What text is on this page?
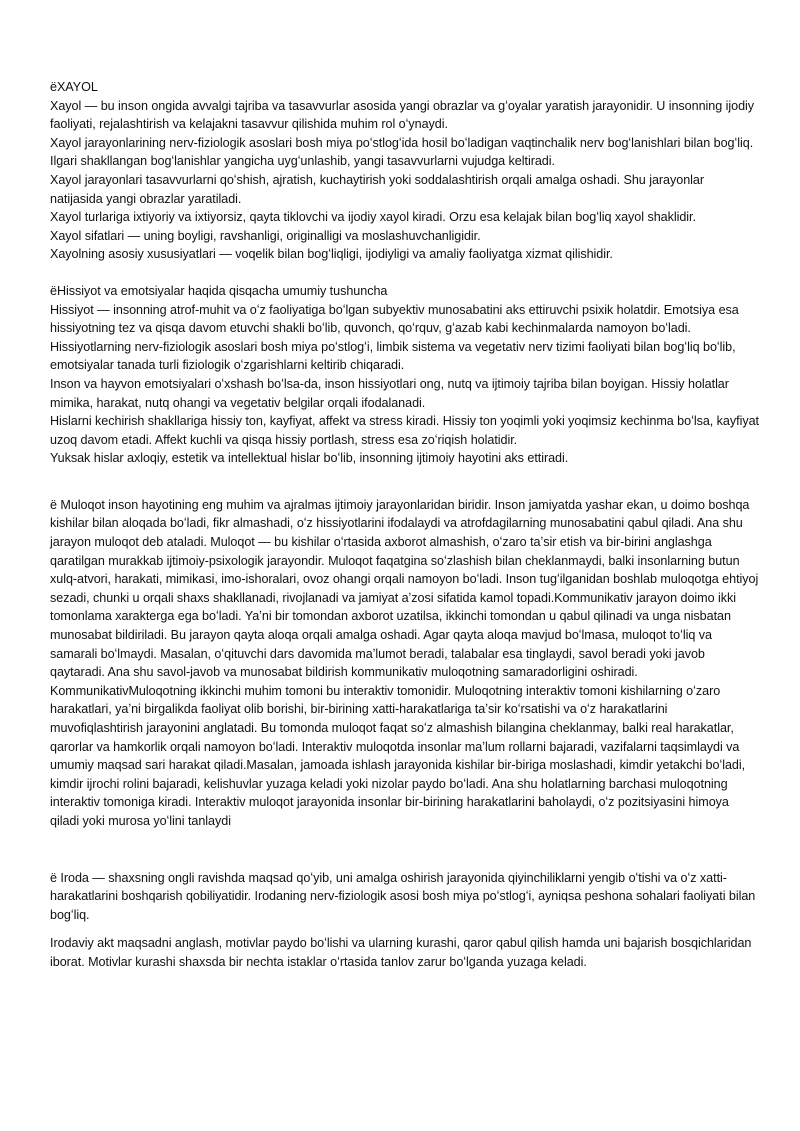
ëXAYOL

Xayol — bu inson ongida avvalgi tajriba va tasavvurlar asosida yangi obrazlar va gʻoyalar yaratish jarayonidir. U insonning ijodiy faoliyati, rejalashtirish va kelajakni tasavvur qilishida muhim rol oʻynaydi.

Xayol jarayonlarining nerv-fiziologik asoslari bosh miya poʻstlogʻida hosil boʻladigan vaqtinchalik nerv bogʻlanishlari bilan bogʻliq. Ilgari shakllangan bogʻlanishlar yangicha uygʻunlashib, yangi tasavvurlarni vujudga keltiradi.

Xayol jarayonlari tasavvurlarni qoʻshish, ajratish, kuchaytirish yoki soddalashtirish orqali amalga oshadi. Shu jarayonlar natijasida yangi obrazlar yaratiladi.

Xayol turlariga ixtiyoriy va ixtiyorsiz, qayta tiklovchi va ijodiy xayol kiradi. Orzu esa kelajak bilan bogʻliq xayol shaklidir.

Xayol sifatlari — uning boyligi, ravshanligi, originalligi va moslashuvchanligidir.

Xayolning asosiy xususiyatlari — voqelik bilan bogʻliqligi, ijodiyligi va amaliy faoliyatga xizmat qilishidir.

ëHissiyot va emotsiyalar haqida qisqacha umumiy tushuncha

Hissiyot — insonning atrof-muhit va oʻz faoliyatiga boʻlgan subyektiv munosabatini aks ettiruvchi psixik holatdir. Emotsiya esa hissiyotning tez va qisqa davom etuvchi shakli boʻlib, quvonch, qoʻrquv, gʻazab kabi kechinmalarda namoyon boʻladi.

Hissiyotlarning nerv-fiziologik asoslari bosh miya poʻstlogʻi, limbik sistema va vegetativ nerv tizimi faoliyati bilan bogʻliq boʻlib, emotsiyalar tanada turli fiziologik oʻzgarishlarni keltirib chiqaradi.

Inson va hayvon emotsiyalari oʻxshash boʻlsa-da, inson hissiyotlari ong, nutq va ijtimoiy tajriba bilan boyigan. Hissiy holatlar mimika, harakat, nutq ohangi va vegetativ belgilar orqali ifodalanadi.

Hislarni kechirish shakllariga hissiy ton, kayfiyat, affekt va stress kiradi. Hissiy ton yoqimli yoki yoqimsiz kechinma boʻlsa, kayfiyat uzoq davom etadi. Affekt kuchli va qisqa hissiy portlash, stress esa zoʻriqish holatidir.

Yuksak hislar axloqiy, estetik va intellektual hislar boʻlib, insonning ijtimoiy hayotini aks ettiradi.

ë Muloqot inson hayotining eng muhim va ajralmas ijtimoiy jarayonlaridan biridir. Inson jamiyatda yashar ekan, u doimo boshqa kishilar bilan aloqada boʻladi, fikr almashadi, oʻz hissiyotlarini ifodalaydi va atrofdagilarning munosabatini qabul qiladi. Ana shu jarayon muloqot deb ataladi. Muloqot — bu kishilar oʻrtasida axborot almashish, oʻzaro taʼsir etish va bir-birini anglashga qaratilgan murakkab ijtimoiy-psixologik jarayondir. Muloqot faqatgina soʻzlashish bilan cheklanmaydi, balki insonlarning butun xulq-atvori, harakati, mimikasi, imo-ishoralari, ovoz ohangi orqali namoyon boʻladi. Inson tugʻilganidan boshlab muloqotga ehtiyoj sezadi, chunki u orqali shaxs shakllanadi, rivojlanadi va jamiyat aʼzosi sifatida kamol topadi.Kommunikativ jarayon doimo ikki tomonlama xarakterga ega boʻladi. Yaʼni bir tomondan axborot uzatilsa, ikkinchi tomondan u qabul qilinadi va unga nisbatan munosabat bildiriladi. Bu jarayon qayta aloqa orqali amalga oshadi. Agar qayta aloqa mavjud boʻlmasa, muloqot toʻliq va samarali boʻlmaydi. Masalan, oʻqituvchi dars davomida maʼlumot beradi, talabalar esa tinglaydi, savol beradi yoki javob qaytaradi. Ana shu savol-javob va munosabat bildirish kommunikativ muloqotning samaradorligini oshiradi. KommunikativMuloqotning ikkinchi muhim tomoni bu interaktiv tomonidir. Muloqotning interaktiv tomoni kishilarning oʻzaro harakatlari, yaʼni birgalikda faoliyat olib borishi, bir-birining xatti-harakatlariga taʼsir koʻrsatishi va oʻz harakatlarini muvofiqlashtirish jarayonini anglatadi. Bu tomonda muloqot faqat soʻz almashish bilangina cheklanmay, balki real harakatlar, qarorlar va hamkorlik orqali namoyon boʻladi. Interaktiv muloqotda insonlar maʼlum rollarni bajaradi, vazifalarni taqsimlaydi va umumiy maqsad sari harakat qiladi.Masalan, jamoada ishlash jarayonida kishilar bir-biriga moslashadi, kimdir yetakchi boʻladi, kimdir ijrochi rolini bajaradi, kelishuvlar yuzaga keladi yoki nizolar paydo boʻladi. Ana shu holatlarning barchasi muloqotning interaktiv tomoniga kiradi. Interaktiv muloqot jarayonida insonlar bir-birining harakatlarini baholaydi, oʻz pozitsiyasini himoya qiladi yoki murosa yoʻlini tanlaydi

ë Iroda — shaxsning ongli ravishda maqsad qoʻyib, uni amalga oshirish jarayonida qiyinchiliklarni yengib oʻtishi va oʻz xatti-harakatlarini boshqarish qobiliyatidir. Irodaning nerv-fiziologik asosi bosh miya poʻstlogʻi, ayniqsa peshona sohalari faoliyati bilan bogʻliq.

Irodaviy akt maqsadni anglash, motivlar paydo boʻlishi va ularning kurashi, qaror qabul qilish hamda uni bajarish bosqichlaridan iborat. Motivlar kurashi shaxsda bir nechta istaklar oʻrtasida tanlov zarur boʻlganda yuzaga keladi.
